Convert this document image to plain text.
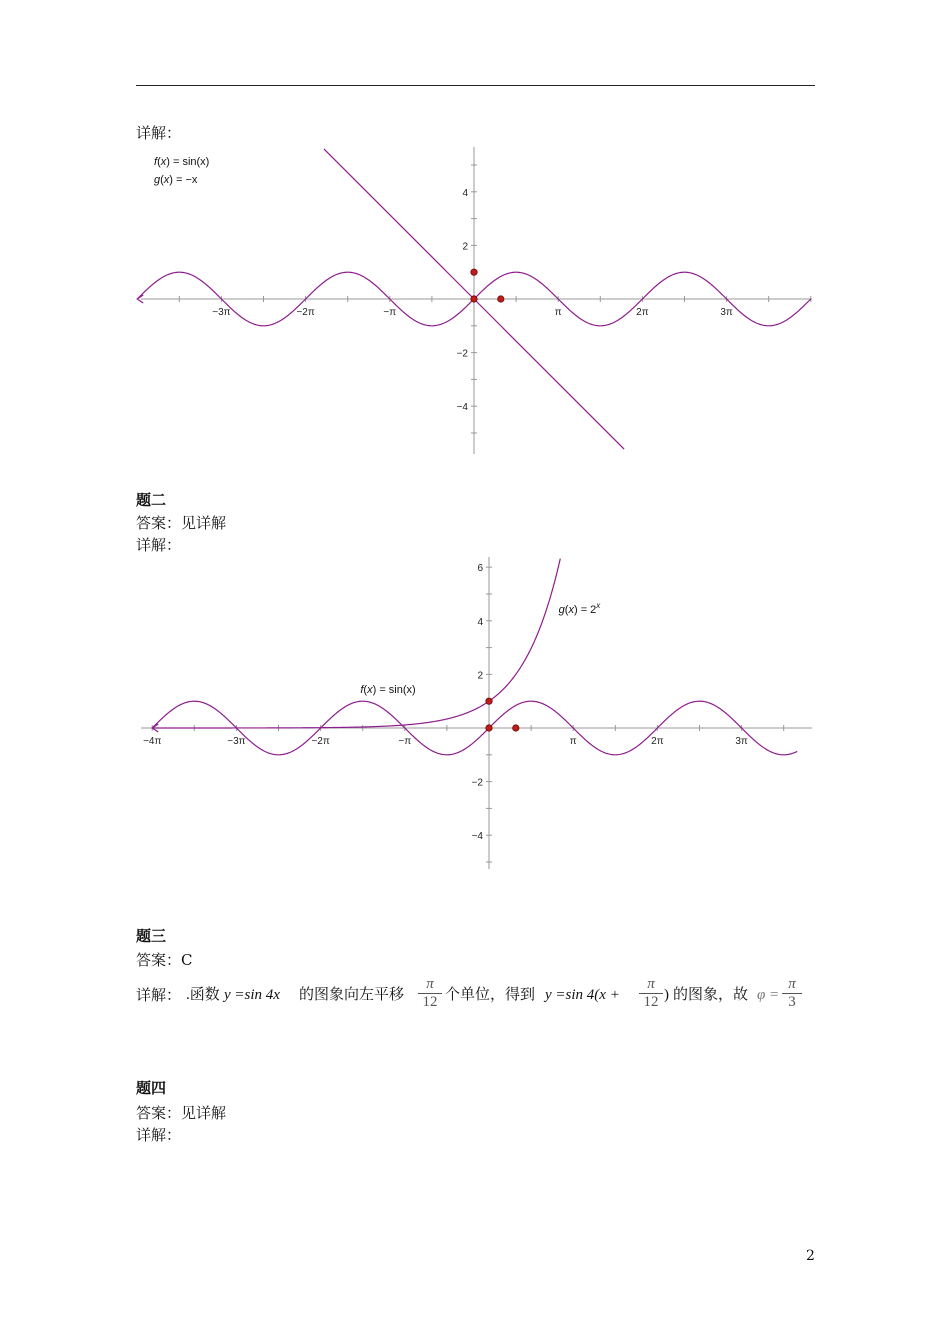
详解：
−3π	−2π	−π	π	2π	3π
4
2
−2
−4
f(x) = sin(x)
g(x) = −x
题二
答案：见详解
详解：
−4π	−3π	−2π	−π	π	2π	3π
6
4
2
−2
−4
f(x) = sin(x)
$g(x) = 2^x$
题三
答案：C
详解： .函数 y =sin 4x 的图象向左平移
π
12 个单位，得到 y =sin 4(x +
π
12 ) 的图象，故 φ =
π
3
题四
答案：见详解
详解：
2
